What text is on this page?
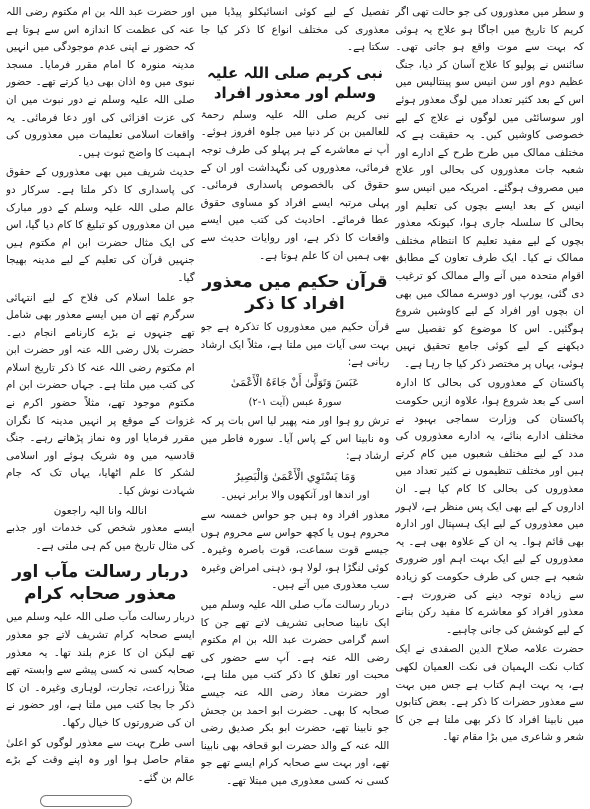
و سطر میں معذوروں کی جو حالت تھی اگر کریم کا تاریخ میں اجاگا ہو علاج یہ ہوئی کہ بہت سے موت واقع ہو جاتی تھی۔ سائنس نے پولیو کا علاج آسان کر دیا، جنگ عظیم دوم اور سن انیس سو پینتالیس میں اس کے بعد کثیر تعداد میں لوگ معذور ہوئے اور سوسائٹی میں لوگوں نے علاج کے لیے خصوصی کاوشیں کیں۔ یہ حقیقت ہے کہ مختلف ممالک میں طرح طرح کے ادارے اور شعبہ جات معذوروں کی بحالی اور علاج میں مصروف ہوگئے۔ امریکہ میں انیس سو انیس کے بعد ایسے بچوں کی تعلیم اور بحالی کا سلسلہ جاری ہوا، کیونکہ معذور بچوں کے لیے مفید تعلیم کا انتظام مختلف ممالک نے کیا۔ ایک طرف تعاون کے مطابق اقوام متحدہ میں آنے والے ممالک کو ترغیب دی گئی، یورپ اور دوسرے ممالک میں بھی ان بچوں اور افراد کے لیے کاوشیں شروع ہوگئیں۔ اس کا موضوع کو تفصیل سے دیکھنے کے لیے کوئی جامع تحقیق نہیں ہوئی، یہاں پر مختصر ذکر کیا جا رہا ہے۔

پاکستان کے معذوروں کی بحالی کا ادارہ اسی کے بعد شروع ہوا، علاوہ ازیں حکومت پاکستان کی وزارت سماجی بہبود نے مختلف ادارے بنائے، یہ ادارے معذوروں کی مدد کے لیے مختلف شعبوں میں کام کرتے ہیں اور مختلف تنظیموں نے کثیر تعداد میں معذوروں کی بحالی کا کام کیا ہے۔ ان اداروں کے لیے بھی ایک پس منظر ہے، لاہور میں معذوروں کے لیے ایک ہسپتال اور ادارہ بھی قائم ہوا۔ یہ ان کے علاوہ بھی ہے۔ یہ معذوروں کے لیے ایک بہت اہم اور ضروری شعبہ ہے جس کی طرف حکومت کو زیادہ سے زیادہ توجہ دینے کی ضرورت ہے۔ معذور افراد کو معاشرے کا مفید رکن بنانے کے لیے کوشش کی جانی چاہیے۔

حضرت علامہ صلاح الدین الصفدی نے ایک کتاب نکت الہمیان فی نکت العمیان لکھی ہے، یہ بہت اہم کتاب ہے جس میں بہت سے معذور حضرات کا ذکر ہے۔ بعض کتابوں میں نابینا افراد کا ذکر بھی ملتا ہے جن کا شعر و شاعری میں بڑا مقام تھا۔

تفصیل کے لیے کوئی انسائیکلو پیڈیا میں معذوری کی مختلف انواع کا ذکر کیا جا سکتا ہے۔

نبی کریم صلی اللہ علیہ وسلم اور معذور افراد

نبی کریم صلی اللہ علیہ وسلم رحمۃ للعالمین بن کر دنیا میں جلوہ افروز ہوئے۔ آپ نے معاشرے کے ہر پہلو کی طرف توجہ فرمائی، معذوروں کی نگہداشت اور ان کے حقوق کی بالخصوص پاسداری فرمائی۔ پہلی مرتبہ ایسے افراد کو مساوی حقوق عطا فرمائے۔ احادیث کی کتب میں ایسے واقعات کا ذکر ہے، اور روایات حدیث سے بھی ہمیں ان کا علم ہوتا ہے۔

قرآن حکیم میں معذور افراد کا ذکر

قرآن حکیم میں معذوروں کا تذکرہ ہے جو بہت سی آیات میں ملتا ہے، مثلاً ایک ارشاد ربانی ہے:

عَبَسَ وَتَوَلَّىٰ أَنْ جَاءَهُ الْأَعْمَىٰ
سورۃ عبس (آیت ۱-۲)

ترش رو ہوا اور منہ پھیر لیا اس بات پر کہ وہ نابینا اس کے پاس آیا۔ سورہ فاطر میں ارشاد ہے:

وَمَا يَسْتَوِي الْأَعْمَىٰ وَالْبَصِيرُ
اور اندھا اور آنکھوں والا برابر نہیں۔

معذور افراد وہ ہیں جو حواس خمسہ سے محروم ہوں یا کچھ حواس سے محروم ہوں جیسے قوت سماعت، قوت باصرہ وغیرہ۔ کوئی لنگڑا ہو، لولا ہو، ذہنی امراض وغیرہ سب معذوری میں آتے ہیں۔

دربار رسالت مآب صلی اللہ علیہ وسلم میں ایک نابینا صحابی تشریف لاتے تھے جن کا اسم گرامی حضرت عبد اللہ بن ام مکتوم رضی اللہ عنہ ہے۔ آپ سے حضور کی محبت اور تعلق کا ذکر کتب میں ملتا ہے، اور حضرت معاذ رضی اللہ عنہ جیسے صحابہ کا بھی۔ حضرت ابو احمد بن جحش جو نابینا تھے، حضرت ابو بکر صدیق رضی اللہ عنہ کے والد حضرت ابو قحافہ بھی نابینا تھے، اور بہت سے صحابہ کرام ایسے تھے جو کسی نہ کسی معذوری میں مبتلا تھے۔

اور حضرت عبد اللہ بن ام مکتوم رضی اللہ عنہ کی عظمت کا اندازہ اس سے ہوتا ہے کہ حضور نے اپنی عدم موجودگی میں انہیں مدینہ منورہ کا امام مقرر فرمایا۔ مسجد نبوی میں وہ اذان بھی دیا کرتے تھے۔ حضور صلی اللہ علیہ وسلم نے دور نبوت میں ان کی عزت افزائی کی اور دعا فرمائی۔ یہ واقعات اسلامی تعلیمات میں معذوروں کی اہمیت کا واضح ثبوت ہیں۔

حدیث شریف میں بھی معذوروں کے حقوق کی پاسداری کا ذکر ملتا ہے۔ سرکار دو عالم صلی اللہ علیہ وسلم کے دور مبارک میں ان معذوروں کو تبلیغ کا کام دیا گیا، اس کی ایک مثال حضرت ابن ام مکتوم ہیں جنہیں قرآن کی تعلیم کے لیے مدینہ بھیجا گیا۔

جو علما اسلام کی فلاح کے لیے انتہائی سرگرم تھے ان میں ایسے معذور بھی شامل تھے جنہوں نے بڑے کارنامے انجام دیے۔ حضرت بلال رضی اللہ عنہ اور حضرت ابن ام مکتوم رضی اللہ عنہ کا ذکر تاریخ اسلام کی کتب میں ملتا ہے۔ جہاں حضرت ابن ام مکتوم موجود تھے، مثلاً حضور اکرم نے غزوات کے موقع پر انہیں مدینہ کا نگران مقرر فرمایا اور وہ نماز پڑھاتے رہے۔ جنگ قادسیہ میں وہ شریک ہوئے اور اسلامی لشکر کا علم اٹھایا، یہاں تک کہ جام شہادت نوش کیا۔

اناللہ وانا الیہ راجعون

ایسے معذور شخص کی خدمات اور جذبے کی مثال تاریخ میں کم ہی ملتی ہے۔

دربار رسالت مآب اور معذور صحابہ کرام

دربار رسالت مآب صلی اللہ علیہ وسلم میں ایسے صحابہ کرام تشریف لاتے جو معذور تھے لیکن ان کا عزم بلند تھا۔ یہ معذور صحابہ کسی نہ کسی پیشے سے وابستہ تھے مثلاً زراعت، تجارت، لوہاری وغیرہ۔ ان کا ذکر جا بجا کتب میں ملتا ہے، اور حضور نے ان کی ضرورتوں کا خیال رکھا۔

اسی طرح بہت سے معذور لوگوں کو اعلیٰ مقام حاصل ہوا اور وہ اپنے وقت کے بڑے عالم بن گئے۔
